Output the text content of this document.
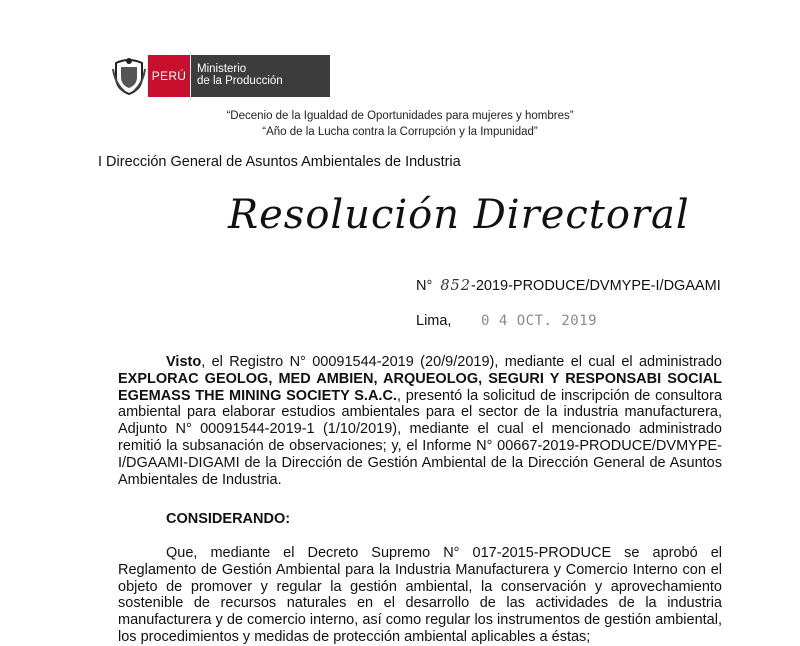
PERÚ Ministerio
de la Producción
“Decenio de la Igualdad de Oportunidades para mujeres y hombres”
“Año de la Lucha contra la Corrupción y la Impunidad”
I Dirección General de Asuntos Ambientales de Industria
Resolución Directoral
N° 852-2019-PRODUCE/DVMYPE-I/DGAAMI
Lima, 0 4 OCT. 2019

Visto, el Registro N° 00091544-2019 (20/9/2019), mediante el cual el administrado EXPLORAC GEOLOG, MED AMBIEN, ARQUEOLOG, SEGURI Y RESPONSABI SOCIAL EGEMASS THE MINING SOCIETY S.A.C., presentó la solicitud de inscripción de consultora ambiental para elaborar estudios ambientales para el sector de la industria manufacturera, Adjunto N° 00091544-2019-1 (1/10/2019), mediante el cual el mencionado administrado remitió la subsanación de observaciones; y, el Informe N° 00667-2019-PRODUCE/DVMYPE-I/DGAAMI-DIGAMI de la Dirección de Gestión Ambiental de la Dirección General de Asuntos Ambientales de Industria.

CONSIDERANDO:

Que, mediante el Decreto Supremo N° 017-2015-PRODUCE se aprobó el Reglamento de Gestión Ambiental para la Industria Manufacturera y Comercio Interno con el objeto de promover y regular la gestión ambiental, la conservación y aprovechamiento sostenible de recursos naturales en el desarrollo de las actividades de la industria manufacturera y de comercio interno, así como regular los instrumentos de gestión ambiental, los procedimientos y medidas de protección ambiental aplicables a éstas;
